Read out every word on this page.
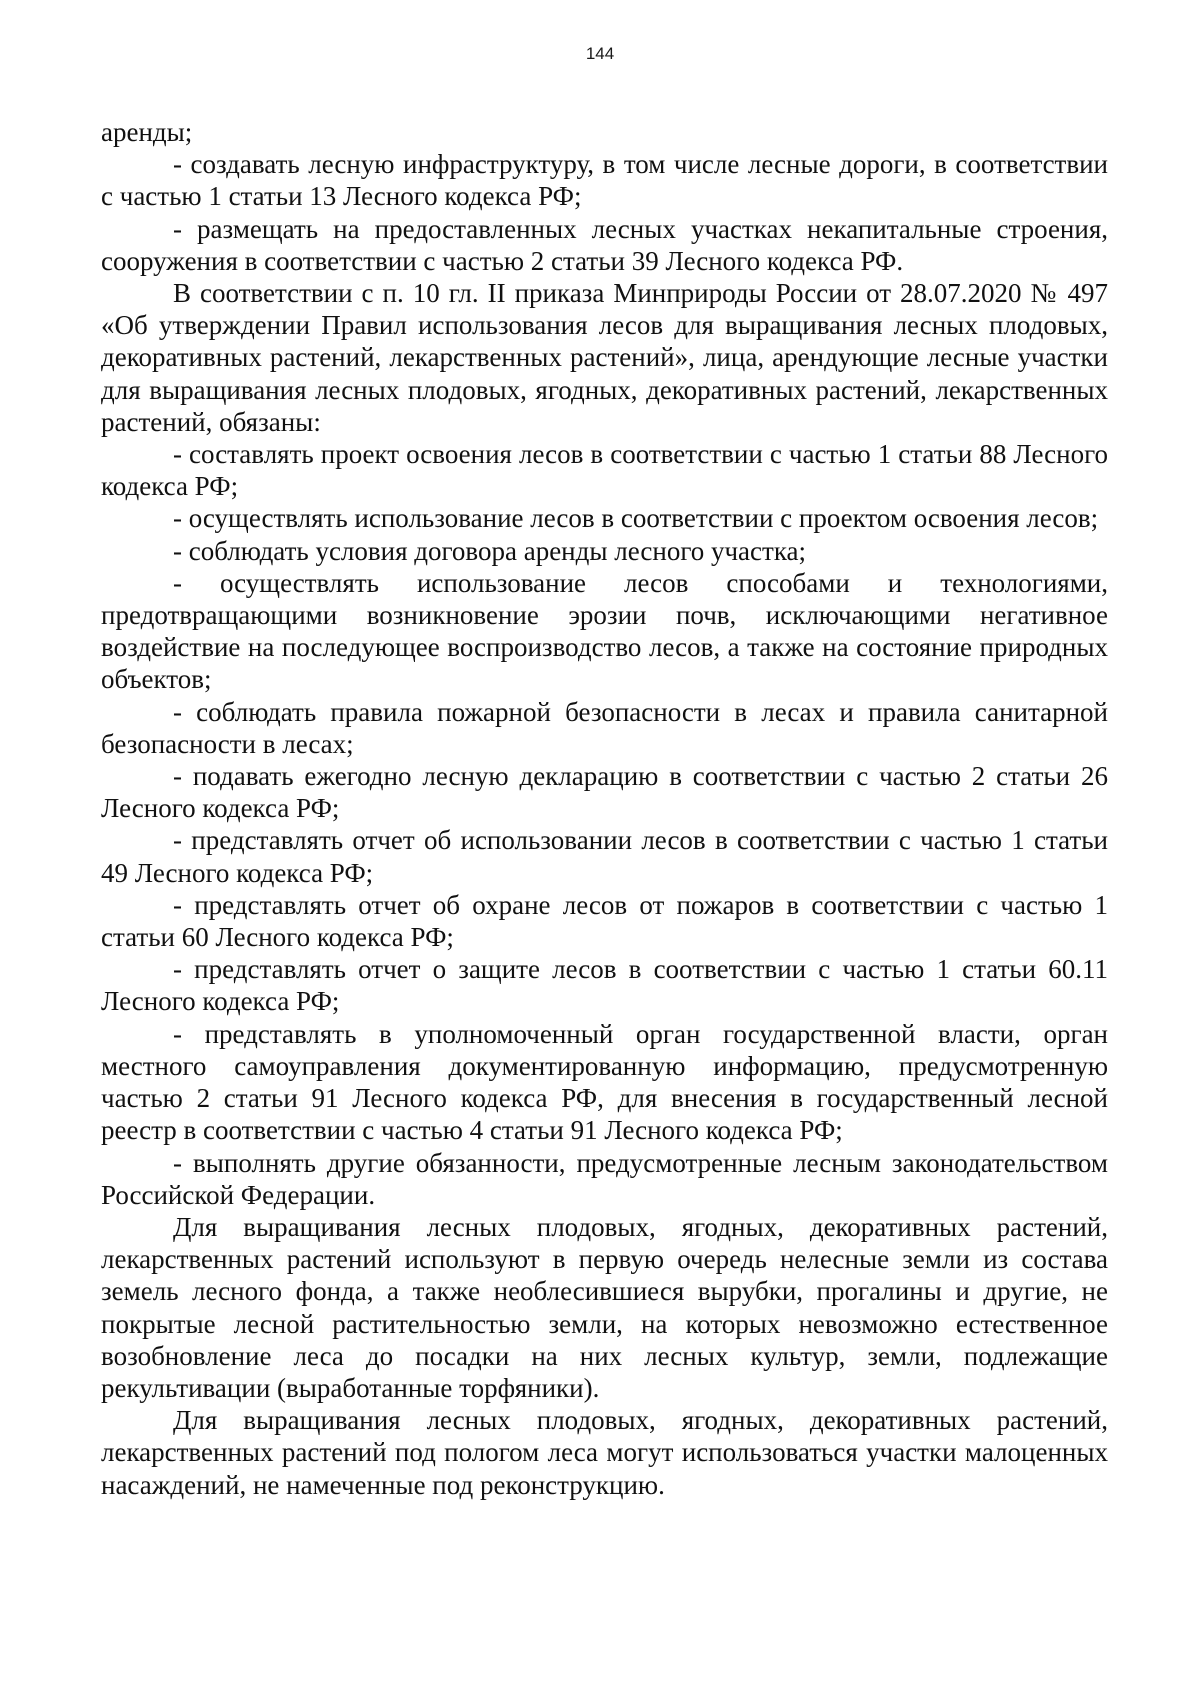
144

аренды;

- создавать лесную инфраструктуру, в том числе лесные дороги, в соответствии с частью 1 статьи 13 Лесного кодекса РФ;

- размещать на предоставленных лесных участках некапитальные строения, сооружения в соответствии с частью 2 статьи 39 Лесного кодекса РФ.

В соответствии с п. 10 гл. II приказа Минприроды России от 28.07.2020 № 497 «Об утверждении Правил использования лесов для выращивания лесных плодовых, декоративных растений, лекарственных растений», лица, арендующие лесные участки для выращивания лесных плодовых, ягодных, декоративных растений, лекарственных растений, обязаны:

- составлять проект освоения лесов в соответствии с частью 1 статьи 88 Лесного кодекса РФ;

- осуществлять использование лесов в соответствии с проектом освоения лесов;

- соблюдать условия договора аренды лесного участка;

- осуществлять использование лесов способами и технологиями, предотвращающими возникновение эрозии почв, исключающими негативное воздействие на последующее воспроизводство лесов, а также на состояние природных объектов;

- соблюдать правила пожарной безопасности в лесах и правила санитарной безопасности в лесах;

- подавать ежегодно лесную декларацию в соответствии с частью 2 статьи 26 Лесного кодекса РФ;

- представлять отчет об использовании лесов в соответствии с частью 1 статьи 49 Лесного кодекса РФ;

- представлять отчет об охране лесов от пожаров в соответствии с частью 1 статьи 60 Лесного кодекса РФ;

- представлять отчет о защите лесов в соответствии с частью 1 статьи 60.11 Лесного кодекса РФ;

- представлять в уполномоченный орган государственной власти, орган местного самоуправления документированную информацию, предусмотренную частью 2 статьи 91 Лесного кодекса РФ, для внесения в государственный лесной реестр в соответствии с частью 4 статьи 91 Лесного кодекса РФ;

- выполнять другие обязанности, предусмотренные лесным законодательством Российской Федерации.

Для выращивания лесных плодовых, ягодных, декоративных растений, лекарственных растений используют в первую очередь нелесные земли из состава земель лесного фонда, а также необлесившиеся вырубки, прогалины и другие, не покрытые лесной растительностью земли, на которых невозможно естественное возобновление леса до посадки на них лесных культур, земли, подлежащие рекультивации (выработанные торфяники).

Для выращивания лесных плодовых, ягодных, декоративных растений, лекарственных растений под пологом леса могут использоваться участки малоценных насаждений, не намеченные под реконструкцию.
